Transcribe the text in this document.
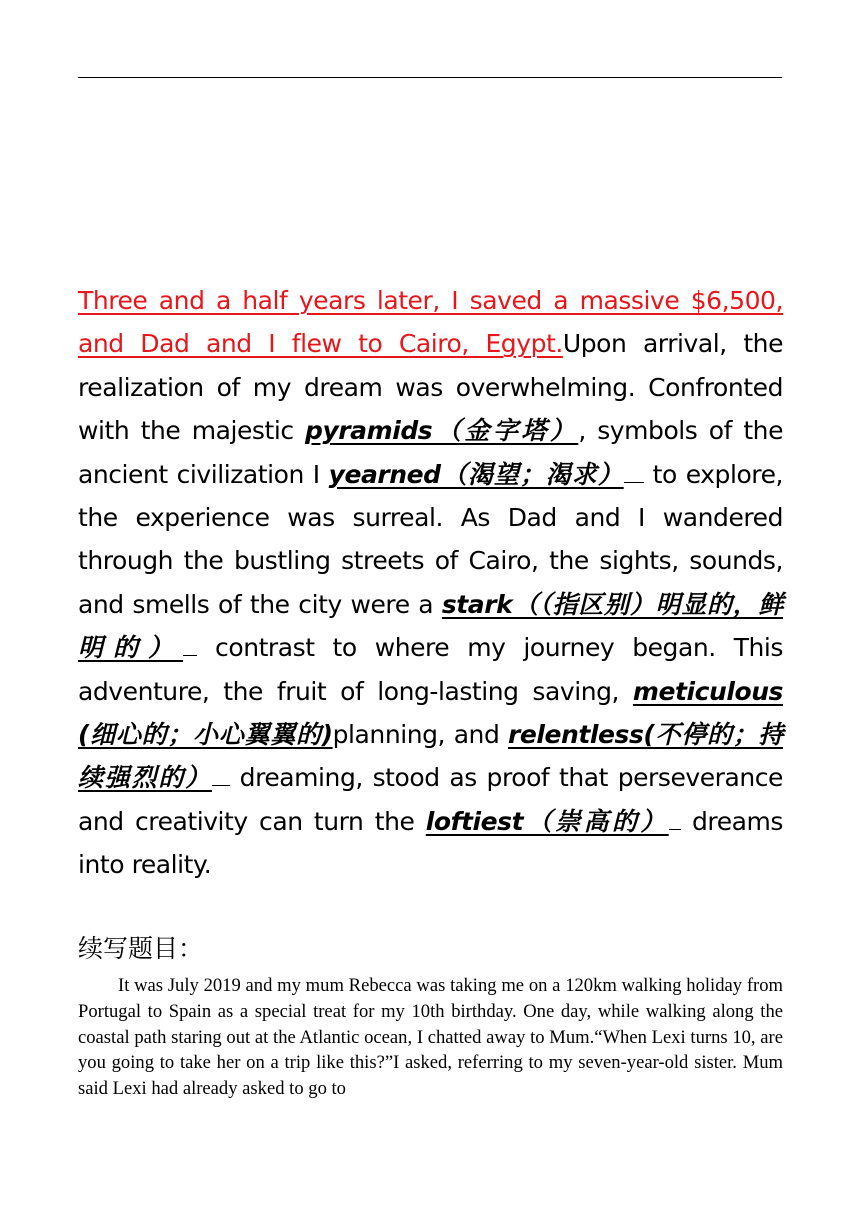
Three and a half years later, I saved a massive $6,500, and Dad and I flew to Cairo, Egypt.Upon arrival, the realization of my dream was overwhelming. Confronted with the majestic pyramids（金字塔）, symbols of the ancient civilization I yearned（渴望；渴求） to explore, the experience was surreal. As Dad and I wandered through the bustling streets of Cairo, the sights, sounds, and smells of the city were a stark（（指区别）明显的，鲜明的） contrast to where my journey began. This adventure, the fruit of long-lasting saving, meticulous (细心的；小心翼翼的)planning, and relentless(不停的；持续强烈的） dreaming, stood as proof that perseverance and creativity can turn the loftiest（崇高的） dreams into reality.

续写题目：

It was July 2019 and my mum Rebecca was taking me on a 120km walking holiday from Portugal to Spain as a special treat for my 10th birthday. One day, while walking along the coastal path staring out at the Atlantic ocean, I chatted away to Mum.“When Lexi turns 10, are you going to take her on a trip like this?”I asked, referring to my seven-year-old sister. Mum said Lexi had already asked to go to
